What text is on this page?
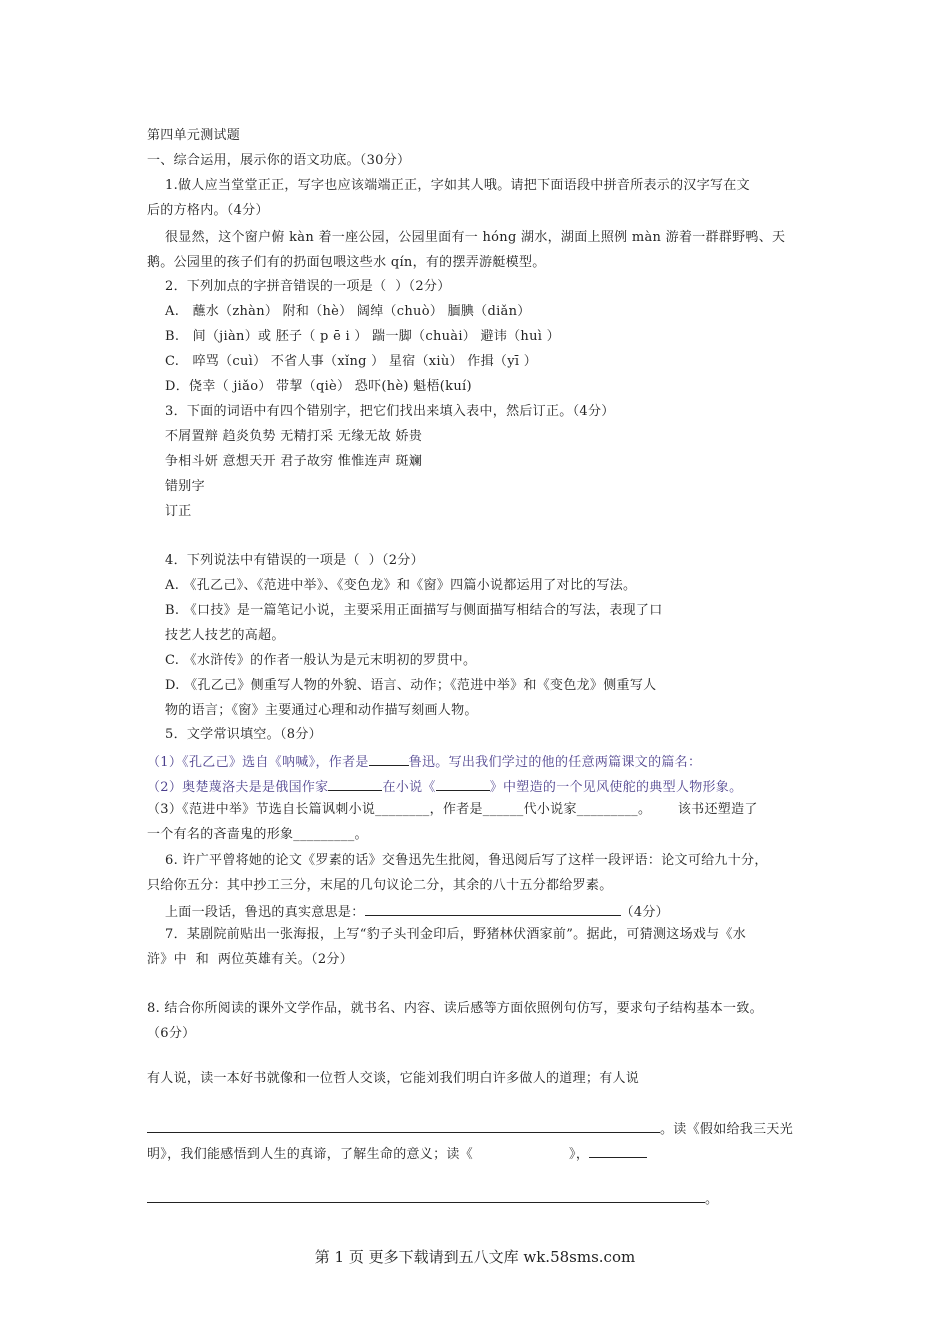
第四单元测试题
一、综合运用，展示你的语文功底。（30分）
1.做人应当堂堂正正，写字也应该端端正正，字如其人哦。请把下面语段中拼音所表示的汉字写在文
后的方格内。（4分）
很显然，这个窗户俯 kàn 着一座公园，公园里面有一 hóng 湖水，湖面上照例 màn 游着一群群野鸭、天
鹅。公园里的孩子们有的扔面包喂这些水 qín，有的摆弄游艇模型。
2．下列加点的字拼音错误的一项是（  ）（2分）
A.   蘸水（zhàn） 附和（hè） 阔绰（chuò） 腼腆（diǎn）
B.   间（jiàn）或 胚子（ p ē i ） 踹一脚（chuài） 避讳（huì ）
C.   啐骂（cuì） 不省人事（xǐng ） 星宿（xiù） 作揖（yī ）
D．侥幸（ jiǎo） 带挈（qiè） 恐吓(hè) 魁梧(kuí)
3．下面的词语中有四个错别字，把它们找出来填入表中，然后订正。（4分）
不屑置辩 趋炎负势 无精打采 无缘无故 娇贵
争相斗妍 意想天开 君子故穷 惟惟连声 斑斓
错别字
订正
4．下列说法中有错误的一项是（  ）（2分）
A. 《孔乙己》、《范进中举》、《变色龙》和《窗》四篇小说都运用了对比的写法。
B. 《口技》是一篇笔记小说，主要采用正面描写与侧面描写相结合的写法，表现了口
技艺人技艺的高超。
C. 《水浒传》的作者一般认为是元末明初的罗贯中。
D. 《孔乙己》侧重写人物的外貌、语言、动作；《范进中举》和《变色龙》侧重写人
物的语言；《窗》主要通过心理和动作描写刻画人物。
5．文学常识填空。（8分）
（1）《孔乙己》选自《呐喊》，作者是	鲁迅。写出我们学过的他的任意两篇课文的篇名：
（2）奥楚蔑洛夫是是俄国作家	在小说《	》中塑造的一个见风使舵的典型人物形象。
（3）《范进中举》节选自长篇讽刺小说________，作者是______代小说家_________。      该书还塑造了
一个有名的吝啬鬼的形象_________。
6. 许广平曾将她的论文《罗素的话》交鲁迅先生批阅，鲁迅阅后写了这样一段评语：论文可给九十分，
只给你五分：其中抄工三分，末尾的几句议论二分，其余的八十五分都给罗素。
上面一段话，鲁迅的真实意思是：	（4分）
7．某剧院前贴出一张海报，上写“豹子头刊金印后，野猪林伏酒家前”。据此，可猜测这场戏与《水
浒》中  和  两位英雄有关。（2分）
8. 结合你所阅读的课外文学作品，就书名、内容、读后感等方面依照例句仿写，要求句子结构基本一致。
（6分）
有人说，读一本好书就像和一位哲人交谈，它能刘我们明白许多做人的道理；有人说
。读《假如给我三天光
明》，我们能感悟到人生的真谛，了解生命的意义；读《	》，
。
第 1 页 更多下载请到五八文库 wk.58sms.com
